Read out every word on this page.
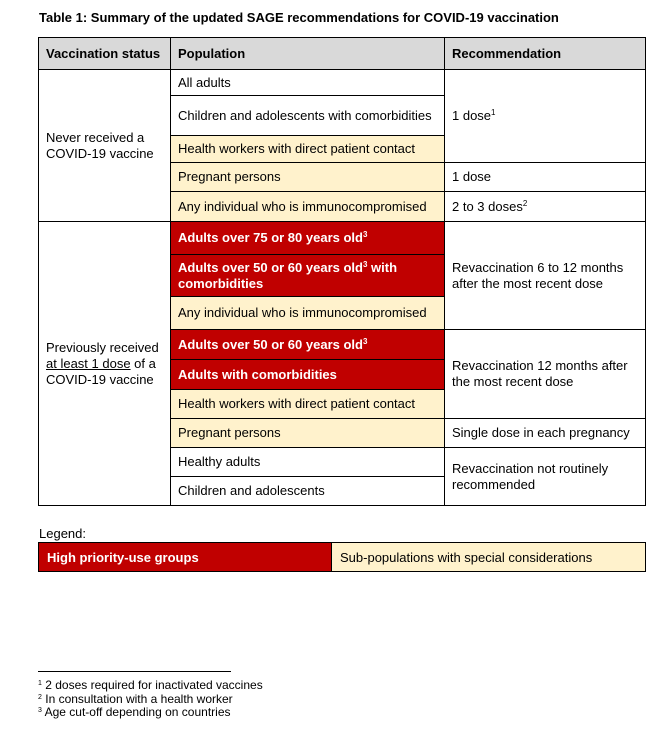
Table 1: Summary of the updated SAGE recommendations for COVID-19 vaccination
Vaccination status	Population	Recommendation
Never received a COVID-19 vaccine	All adults	1 dose$^1$
	Children and adolescents with comorbidities	
	Health workers with direct patient contact	
	Pregnant persons	1 dose
	Any individual who is immunocompromised	2 to 3 doses$^2$
Previously received at least 1 dose of a COVID-19 vaccine	Adults over 75 or 80 years old$^3$	Revaccination 6 to 12 months after the most recent dose
	Adults over 50 or 60 years old$^3$ with comorbidities	
	Any individual who is immunocompromised	
	Adults over 50 or 60 years old$^3$	Revaccination 12 months after the most recent dose
	Adults with comorbidities	
	Health workers with direct patient contact	
	Pregnant persons	Single dose in each pregnancy
	Healthy adults	Revaccination not routinely recommended
	Children and adolescents	
Legend:
High priority-use groups	Sub-populations with special considerations
$^1$ 2 doses required for inactivated vaccines
$^2$ In consultation with a health worker
$^3$ Age cut-off depending on countries
